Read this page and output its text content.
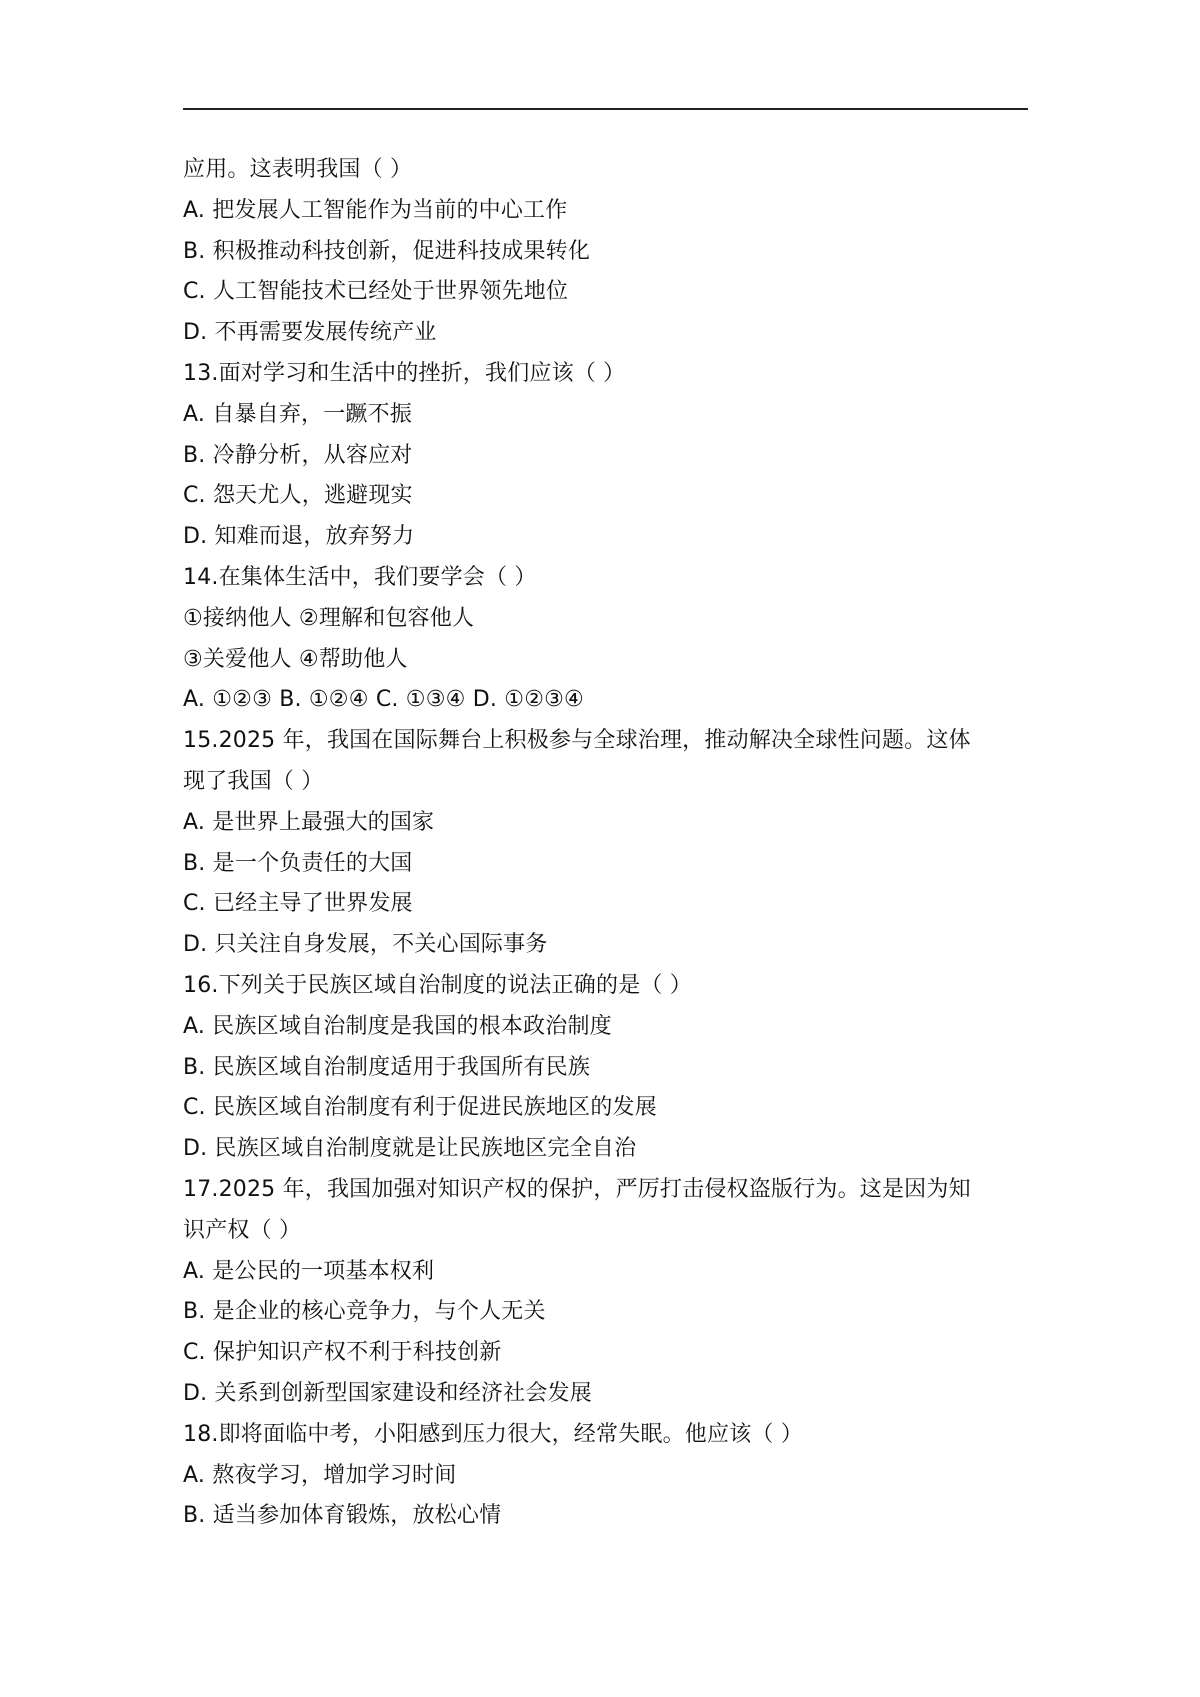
应用。这表明我国（ ）
A. 把发展人工智能作为当前的中心工作
B. 积极推动科技创新，促进科技成果转化
C. 人工智能技术已经处于世界领先地位
D. 不再需要发展传统产业
13.面对学习和生活中的挫折，我们应该（ ）
A. 自暴自弃，一蹶不振
B. 冷静分析，从容应对
C. 怨天尤人，逃避现实
D. 知难而退，放弃努力
14.在集体生活中，我们要学会（ ）
①接纳他人 ②理解和包容他人
③关爱他人 ④帮助他人
A. ①②③ B. ①②④ C. ①③④ D. ①②③④
15.2025 年，我国在国际舞台上积极参与全球治理，推动解决全球性问题。这体
现了我国（ ）
A. 是世界上最强大的国家
B. 是一个负责任的大国
C. 已经主导了世界发展
D. 只关注自身发展，不关心国际事务
16.下列关于民族区域自治制度的说法正确的是（ ）
A. 民族区域自治制度是我国的根本政治制度
B. 民族区域自治制度适用于我国所有民族
C. 民族区域自治制度有利于促进民族地区的发展
D. 民族区域自治制度就是让民族地区完全自治
17.2025 年，我国加强对知识产权的保护，严厉打击侵权盗版行为。这是因为知
识产权（ ）
A. 是公民的一项基本权利
B. 是企业的核心竞争力，与个人无关
C. 保护知识产权不利于科技创新
D. 关系到创新型国家建设和经济社会发展
18.即将面临中考，小阳感到压力很大，经常失眠。他应该（ ）
A. 熬夜学习，增加学习时间
B. 适当参加体育锻炼，放松心情
